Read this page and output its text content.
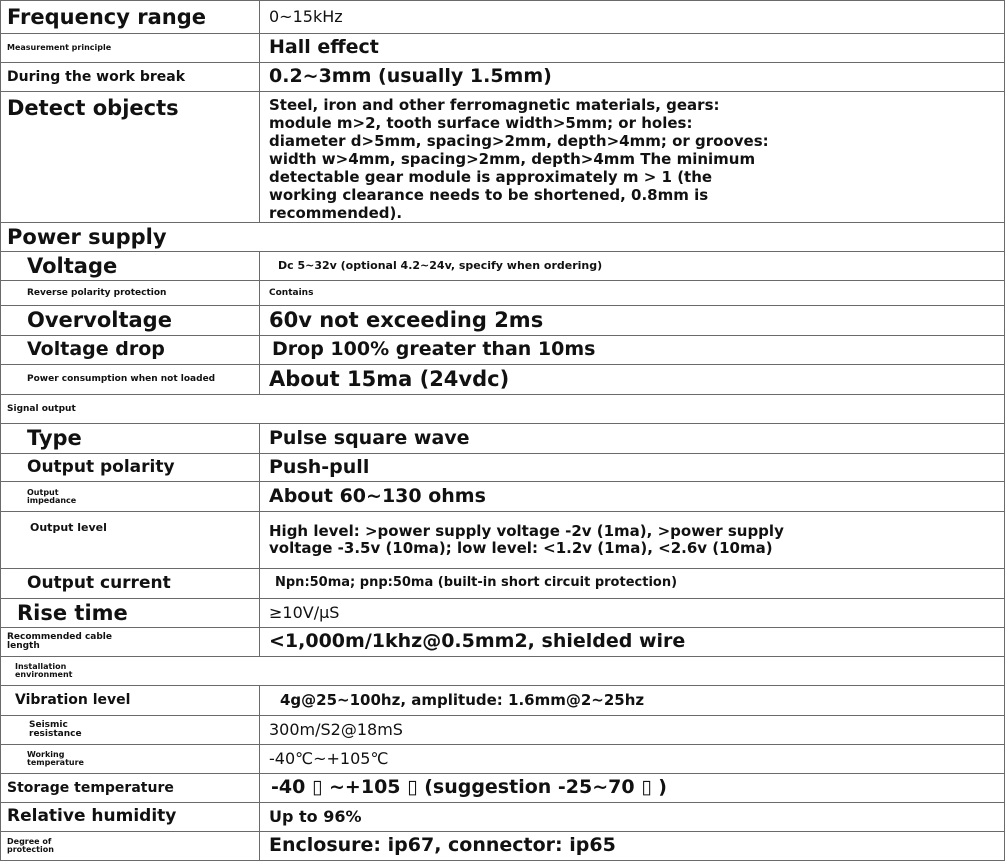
Frequency range	0~15kHz
Measurement principle	Hall effect
During the work break	0.2~3mm (usually 1.5mm)
Detect objects	Steel, iron and other ferromagnetic materials, gears: module m>2, tooth surface width>5mm; or holes: diameter d>5mm, spacing>2mm, depth>4mm; or grooves: width w>4mm, spacing>2mm, depth>4mm The minimum detectable gear module is approximately m > 1 (the working clearance needs to be shortened, 0.8mm is recommended).
Power supply	
Voltage	Dc 5~32v (optional 4.2~24v, specify when ordering)
Reverse polarity protection	Contains
Overvoltage	60v not exceeding 2ms
Voltage drop	Drop 100% greater than 10ms
Power consumption when not loaded	About 15ma (24vdc)
Signal output	
Type	Pulse square wave
Output polarity	Push-pull
Output impedance	About 60~130 ohms
Output level	High level: >power supply voltage -2v (1ma), >power supply voltage -3.5v (10ma); low level: <1.2v (1ma), <2.6v (10ma)
Output current	Npn:50ma; pnp:50ma (built-in short circuit protection)
Rise time	≥10V/μS
Recommended cable length	<1,000m/1khz@0.5mm2, shielded wire
Installation environment	
Vibration level	4g@25~100hz, amplitude: 1.6mm@2~25hz
Seismic resistance	300m/S2@18mS
Working temperature	-40℃~+105℃
Storage temperature	-40 ▯ ~+105 ▯ (suggestion -25~70 ▯ )
Relative humidity	Up to 96%
Degree of protection	Enclosure: ip67, connector: ip65
